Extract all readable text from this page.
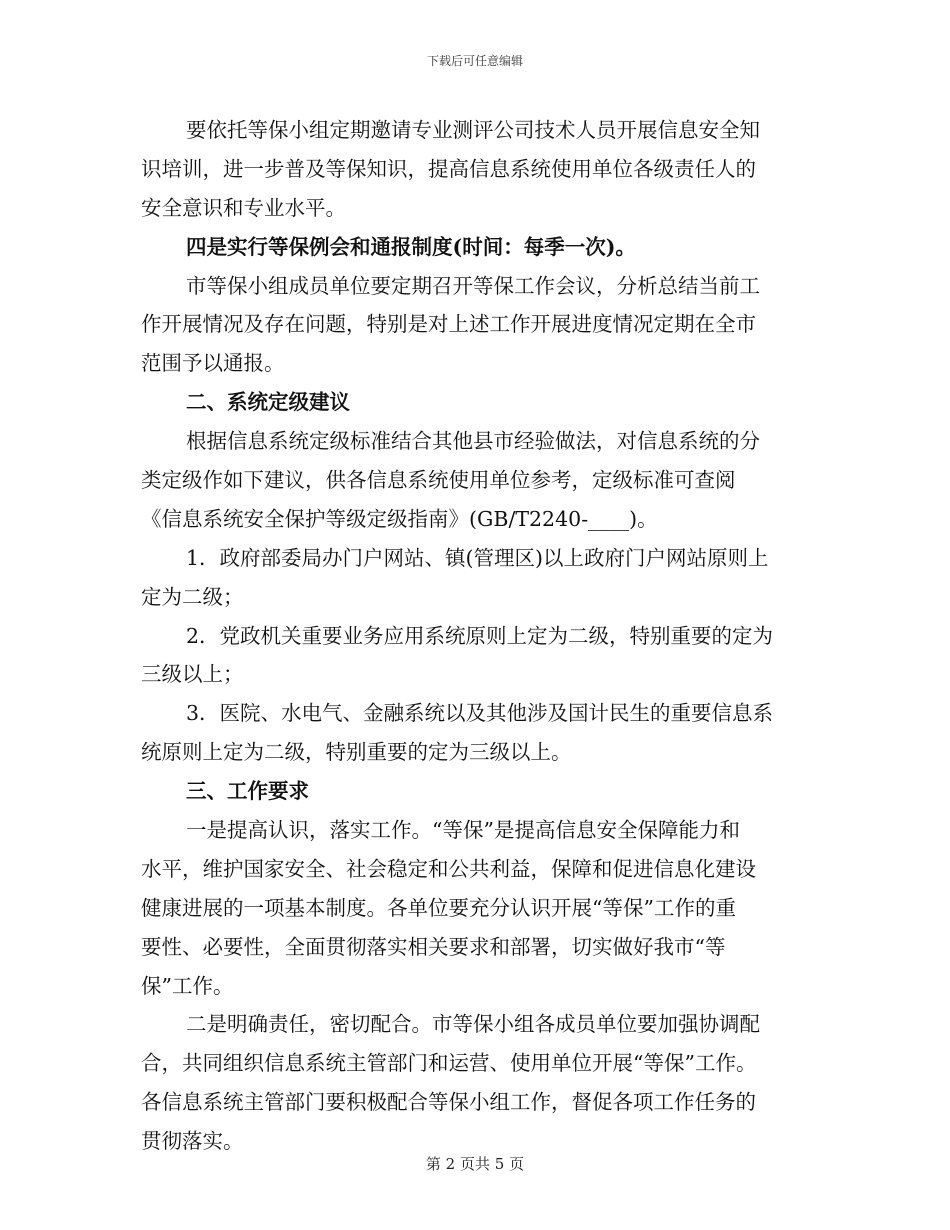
下载后可任意编辑
要依托等保小组定期邀请专业测评公司技术人员开展信息安全知
识培训，进一步普及等保知识，提高信息系统使用单位各级责任人的
安全意识和专业水平。
四是实行等保例会和通报制度(时间：每季一次)。
市等保小组成员单位要定期召开等保工作会议，分析总结当前工
作开展情况及存在问题，特别是对上述工作开展进度情况定期在全市
范围予以通报。
二、系统定级建议
根据信息系统定级标准结合其他县市经验做法，对信息系统的分
类定级作如下建议，供各信息系统使用单位参考，定级标准可查阅
《信息系统安全保护等级定级指南》(GB/T2240-____)。
1．政府部委局办门户网站、镇(管理区)以上政府门户网站原则上
定为二级；
2．党政机关重要业务应用系统原则上定为二级，特别重要的定为
三级以上；
3．医院、水电气、金融系统以及其他涉及国计民生的重要信息系
统原则上定为二级，特别重要的定为三级以上。
三、工作要求
一是提高认识，落实工作。“等保”是提高信息安全保障能力和
水平，维护国家安全、社会稳定和公共利益，保障和促进信息化建设
健康进展的一项基本制度。各单位要充分认识开展“等保”工作的重
要性、必要性，全面贯彻落实相关要求和部署，切实做好我市“等
保”工作。
二是明确责任，密切配合。市等保小组各成员单位要加强协调配
合，共同组织信息系统主管部门和运营、使用单位开展“等保”工作。
各信息系统主管部门要积极配合等保小组工作，督促各项工作任务的
贯彻落实。
第 2 页共 5 页
